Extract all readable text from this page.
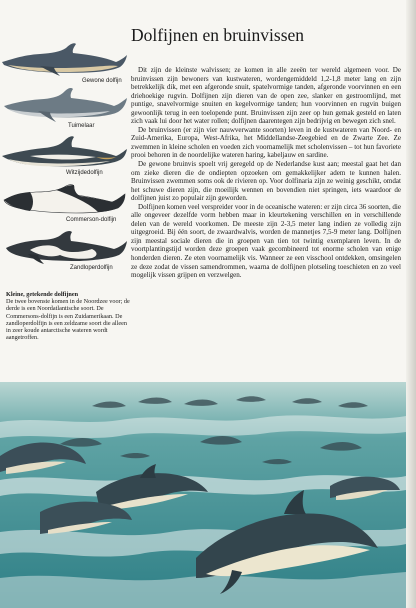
Gewone dolfijn
Tuimelaar
Witzijdedolfijn
Commerson-dolfijn
Zandloperdolfijn
Kleine, getekende dolfijnen
De twee bovenste komen in de Noordzee voor; de derde is een Noordatlantische soort. De Commersons-dolfijn is een Zuidamerikaan. De zandloperdolfijn is een zeldzame soort die alleen in zeer koude antarctische wateren wordt aangetroffen.
Dolfijnen en bruinvissen

Dit zijn de kleinste walvissen; ze komen in alle zeeën ter wereld algemeen voor. De bruinvissen zijn bewoners van kustwateren, wordengemiddeld 1,2-1,8 meter lang en zijn betrekkelijk dik, met een afgeronde snuit, spatelvormige tanden, afgeronde voorvinnen en een driehoekige rugvin. Dolfijnen zijn dieren van de open zee, slanker en gestroomlijnd, met puntige, snavelvormige snuiten en kegelvormige tanden; hun voorvinnen en rugvin buigen gewoonlijk terug in een toelopende punt. Bruinvissen zijn zeer op hun gemak gesteld en laten zich vaak lui door het water rollen; dolfijnen daarentegen zijn bedrijvig en bewegen zich snel.

De bruinvissen (er zijn vier nauwverwante soorten) leven in de kustwateren van Noord- en Zuid-Amerika, Europa, West-Afrika, het Middellandse-Zeegebied en de Zwarte Zee. Ze zwemmen in kleine scholen en voeden zich voornamelijk met scholenvissen – tot hun favoriete prooi behoren in de noordelijke wateren haring, kabeljauw en sardine.

De gewone bruinvis spoelt vrij geregeld op de Nederlandse kust aan; meestal gaat het dan om zieke dieren die de ondiepten opzoeken om gemakkelijker adem te kunnen halen. Bruinvissen zwemmen soms ook de rivieren op. Voor dolfinaria zijn ze weinig geschikt, omdat het schuwe dieren zijn, die moeilijk wennen en bovendien niet springen, iets waardoor de dolfijnen juist zo populair zijn geworden.

Dolfijnen komen veel verspreider voor in de oceanische wateren: er zijn circa 36 soorten, die alle ongeveer dezelfde vorm hebben maar in kleurtekening verschillen en in verschillende delen van de wereld voorkomen. De meeste zijn 2-3,5 meter lang indien ze volledig zijn uitgegroeid. Bij één soort, de zwaardwalvis, worden de mannetjes 7,5-9 meter lang. Dolfijnen zijn meestal sociale dieren die in groepen van tien tot twintig exemplaren leven. In de voortplantingstijd worden deze groepen vaak gecombineerd tot enorme scholen van enige honderden dieren. Ze eten voornamelijk vis. Wanneer ze een visschool ontdekken, omsingelen ze deze zodat de vissen samendrommen, waarna de dolfijnen plotseling toeschieten en zo veel mogelijk vissen grijpen en verzwelgen.
